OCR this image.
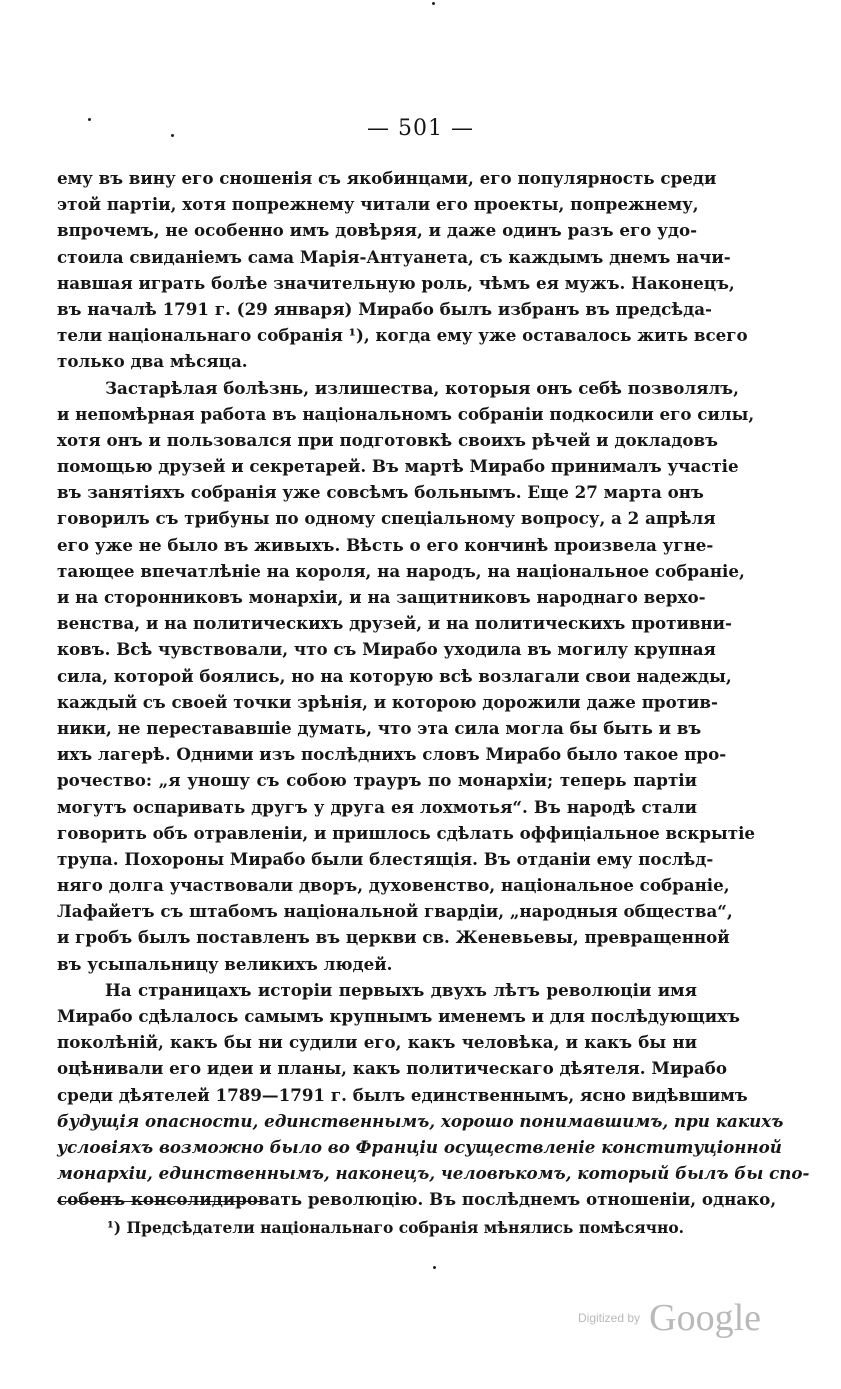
— 501 —
ему въ вину его сношенія съ якобинцами, его популярность среди
этой партіи, хотя попрежнему читали его проекты, попрежнему,
впрочемъ, не особенно имъ довѣряя, и даже одинъ разъ его удо-
стоила свиданіемъ сама Марія-Антуанета, съ каждымъ днемъ начи-
навшая играть болѣе значительную роль, чѣмъ ея мужъ. Наконецъ,
въ началѣ 1791 г. (29 января) Мирабо былъ избранъ въ предсѣда-
тели національнаго собранія ¹), когда ему уже оставалось жить всего
только два мѣсяца.
Застарѣлая болѣзнь, излишества, которыя онъ себѣ позволялъ,
и непомѣрная работа въ національномъ собраніи подкосили его силы,
хотя онъ и пользовался при подготовкѣ своихъ рѣчей и докладовъ
помощью друзей и секретарей. Въ мартѣ Мирабо принималъ участіе
въ занятіяхъ собранія уже совсѣмъ больнымъ. Еще 27 марта онъ
говорилъ съ трибуны по одному спеціальному вопросу, а 2 апрѣля
его уже не было въ живыхъ. Вѣсть о его кончинѣ произвела угне-
тающее впечатлѣніе на короля, на народъ, на національное собраніе,
и на сторонниковъ монархіи, и на защитниковъ народнаго верхо-
венства, и на политическихъ друзей, и на политическихъ противни-
ковъ. Всѣ чувствовали, что съ Мирабо уходила въ могилу крупная
сила, которой боялись, но на которую всѣ возлагали свои надежды,
каждый съ своей точки зрѣнія, и которою дорожили даже против-
ники, не перестававшіе думать, что эта сила могла бы быть и въ
ихъ лагерѣ. Одними изъ послѣднихъ словъ Мирабо было такое про-
рочество: „я уношу съ собою трауръ по монархіи; теперь партіи
могутъ оспаривать другъ у друга ея лохмотья“. Въ народѣ стали
говорить объ отравленіи, и пришлось сдѣлать оффиціальное вскрытіе
трупа. Похороны Мирабо были блестящія. Въ отданіи ему послѣд-
няго долга участвовали дворъ, духовенство, національное собраніе,
Лафайетъ съ штабомъ національной гвардіи, „народныя общества“,
и гробъ былъ поставленъ въ церкви св. Женевьевы, превращенной
въ усыпальницу великихъ людей.
На страницахъ исторіи первыхъ двухъ лѣтъ революціи имя
Мирабо сдѣлалось самымъ крупнымъ именемъ и для послѣдующихъ
поколѣній, какъ бы ни судили его, какъ человѣка, и какъ бы ни
оцѣнивали его идеи и планы, какъ политическаго дѣятеля. Мирабо
среди дѣятелей 1789—1791 г. былъ единственнымъ, ясно видѣвшимъ
будущія опасности, единственнымъ, хорошо понимавшимъ, при какихъ
условіяхъ возможно было во Франціи осуществленіе конституціонной
монархіи, единственнымъ, наконецъ, человѣкомъ, который былъ бы спо-
собенъ консолидировать революцію. Въ послѣднемъ отношеніи, однако,
¹) Предсѣдатели національнаго собранія мѣнялись помѣсячно.
Digitized by Google
